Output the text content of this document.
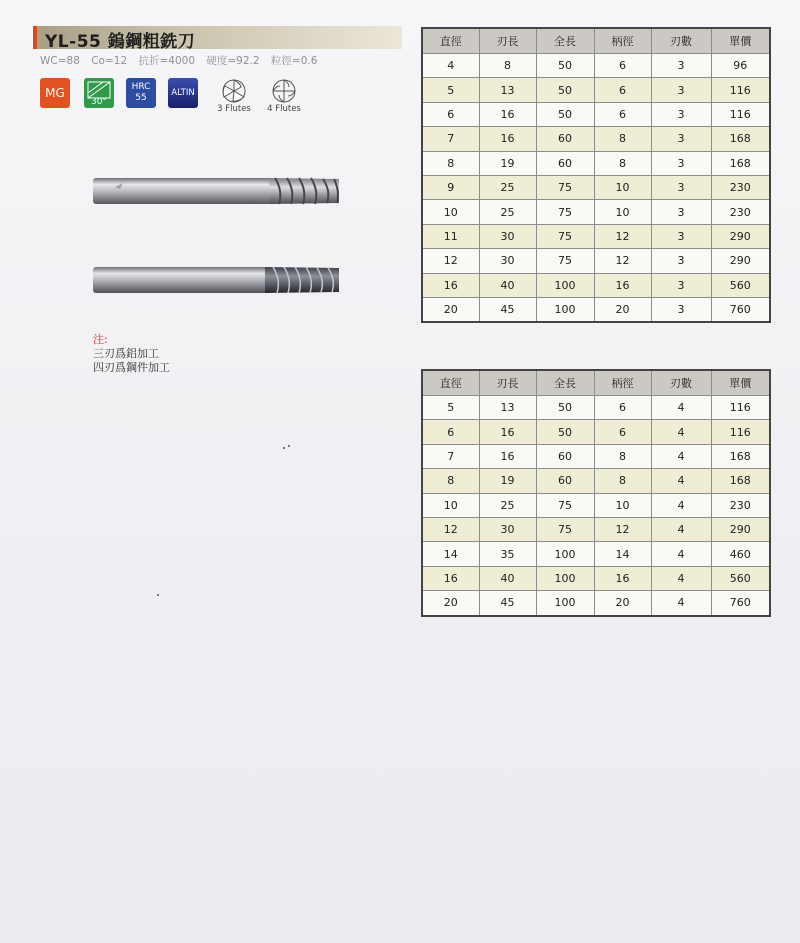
YL-55 鎢鋼粗銑刀
WC=88 Co=12 抗折=4000 硬度=92.2 粒徑=0.6
MG
30°
HRC
55	ALTIN
3 Flutes	4 Flutes
注:
三刃爲鋁加工
四刃爲鋼件加工
直徑	刃長	全長	柄徑	刃數	單價
4	8	50	6	3	96
5	13	50	6	3	116
6	16	50	6	3	116
7	16	60	8	3	168
8	19	60	8	3	168
9	25	75	10	3	230
10	25	75	10	3	230
11	30	75	12	3	290
12	30	75	12	3	290
16	40	100	16	3	560
20	45	100	20	3	760
直徑	刃長	全長	柄徑	刃數	單價
5	13	50	6	4	116
6	16	50	6	4	116
7	16	60	8	4	168
8	19	60	8	4	168
10	25	75	10	4	230
12	30	75	12	4	290
14	35	100	14	4	460
16	40	100	16	4	560
20	45	100	20	4	760
